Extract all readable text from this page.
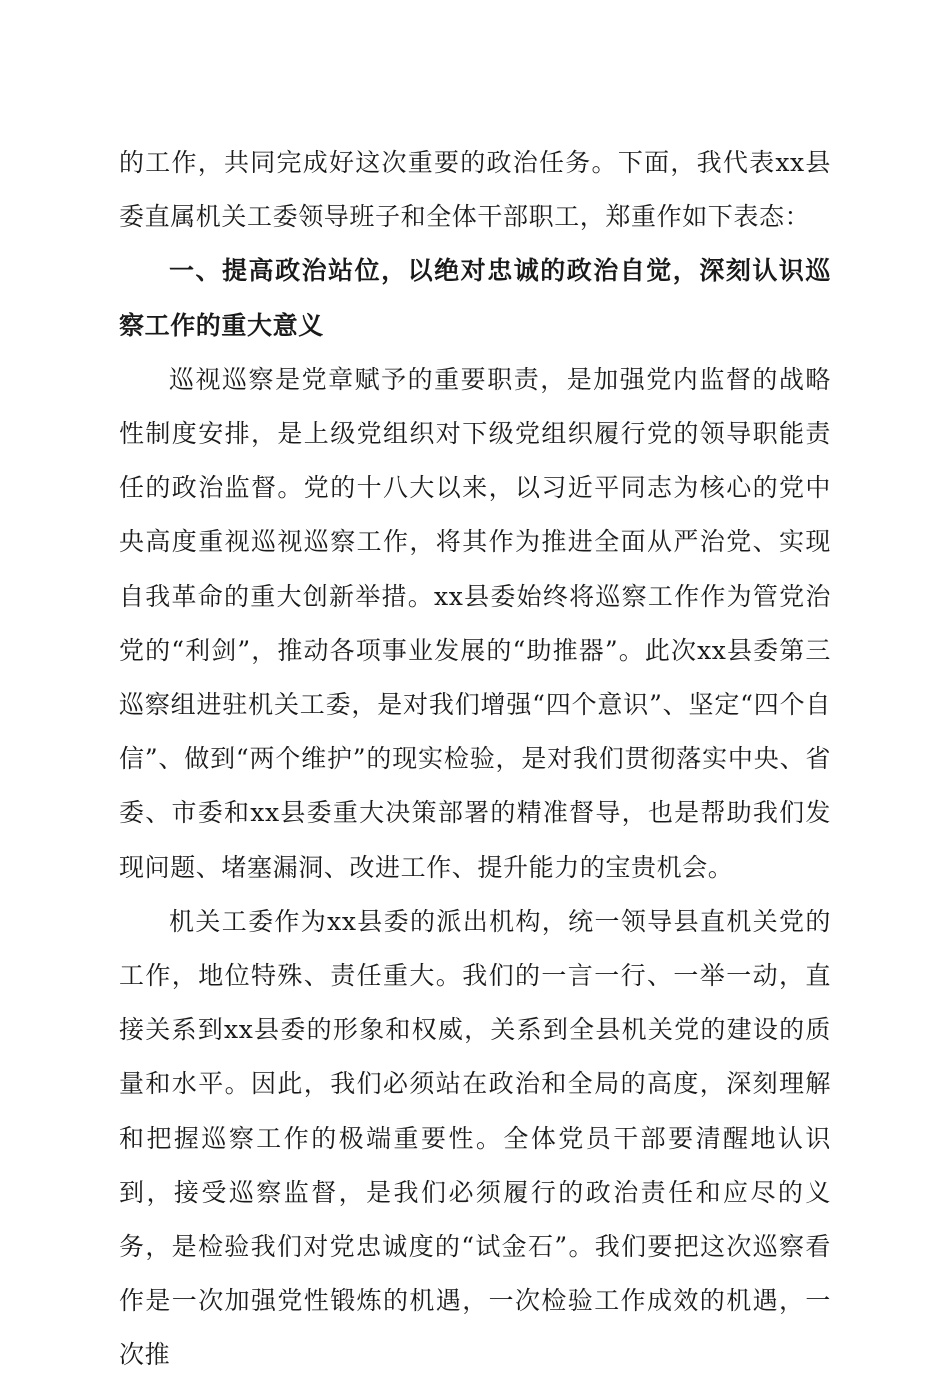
的工作，共同完成好这次重要的政治任务。下面，我代表xx县委直属机关工委领导班子和全体干部职工，郑重作如下表态：

一、提高政治站位，以绝对忠诚的政治自觉，深刻认识巡察工作的重大意义

巡视巡察是党章赋予的重要职责，是加强党内监督的战略性制度安排，是上级党组织对下级党组织履行党的领导职能责任的政治监督。党的十八大以来，以习近平同志为核心的党中央高度重视巡视巡察工作，将其作为推进全面从严治党、实现自我革命的重大创新举措。xx县委始终将巡察工作作为管党治党的“利剑”，推动各项事业发展的“助推器”。此次xx县委第三巡察组进驻机关工委，是对我们增强“四个意识”、坚定“四个自信”、做到“两个维护”的现实检验，是对我们贯彻落实中央、省委、市委和xx县委重大决策部署的精准督导，也是帮助我们发现问题、堵塞漏洞、改进工作、提升能力的宝贵机会。

机关工委作为xx县委的派出机构，统一领导县直机关党的工作，地位特殊、责任重大。我们的一言一行、一举一动，直接关系到xx县委的形象和权威，关系到全县机关党的建设的质量和水平。因此，我们必须站在政治和全局的高度，深刻理解和把握巡察工作的极端重要性。全体党员干部要清醒地认识到，接受巡察监督，是我们必须履行的政治责任和应尽的义务，是检验我们对党忠诚度的“试金石”。我们要把这次巡察看作是一次加强党性锻炼的机遇，一次检验工作成效的机遇，一次推
